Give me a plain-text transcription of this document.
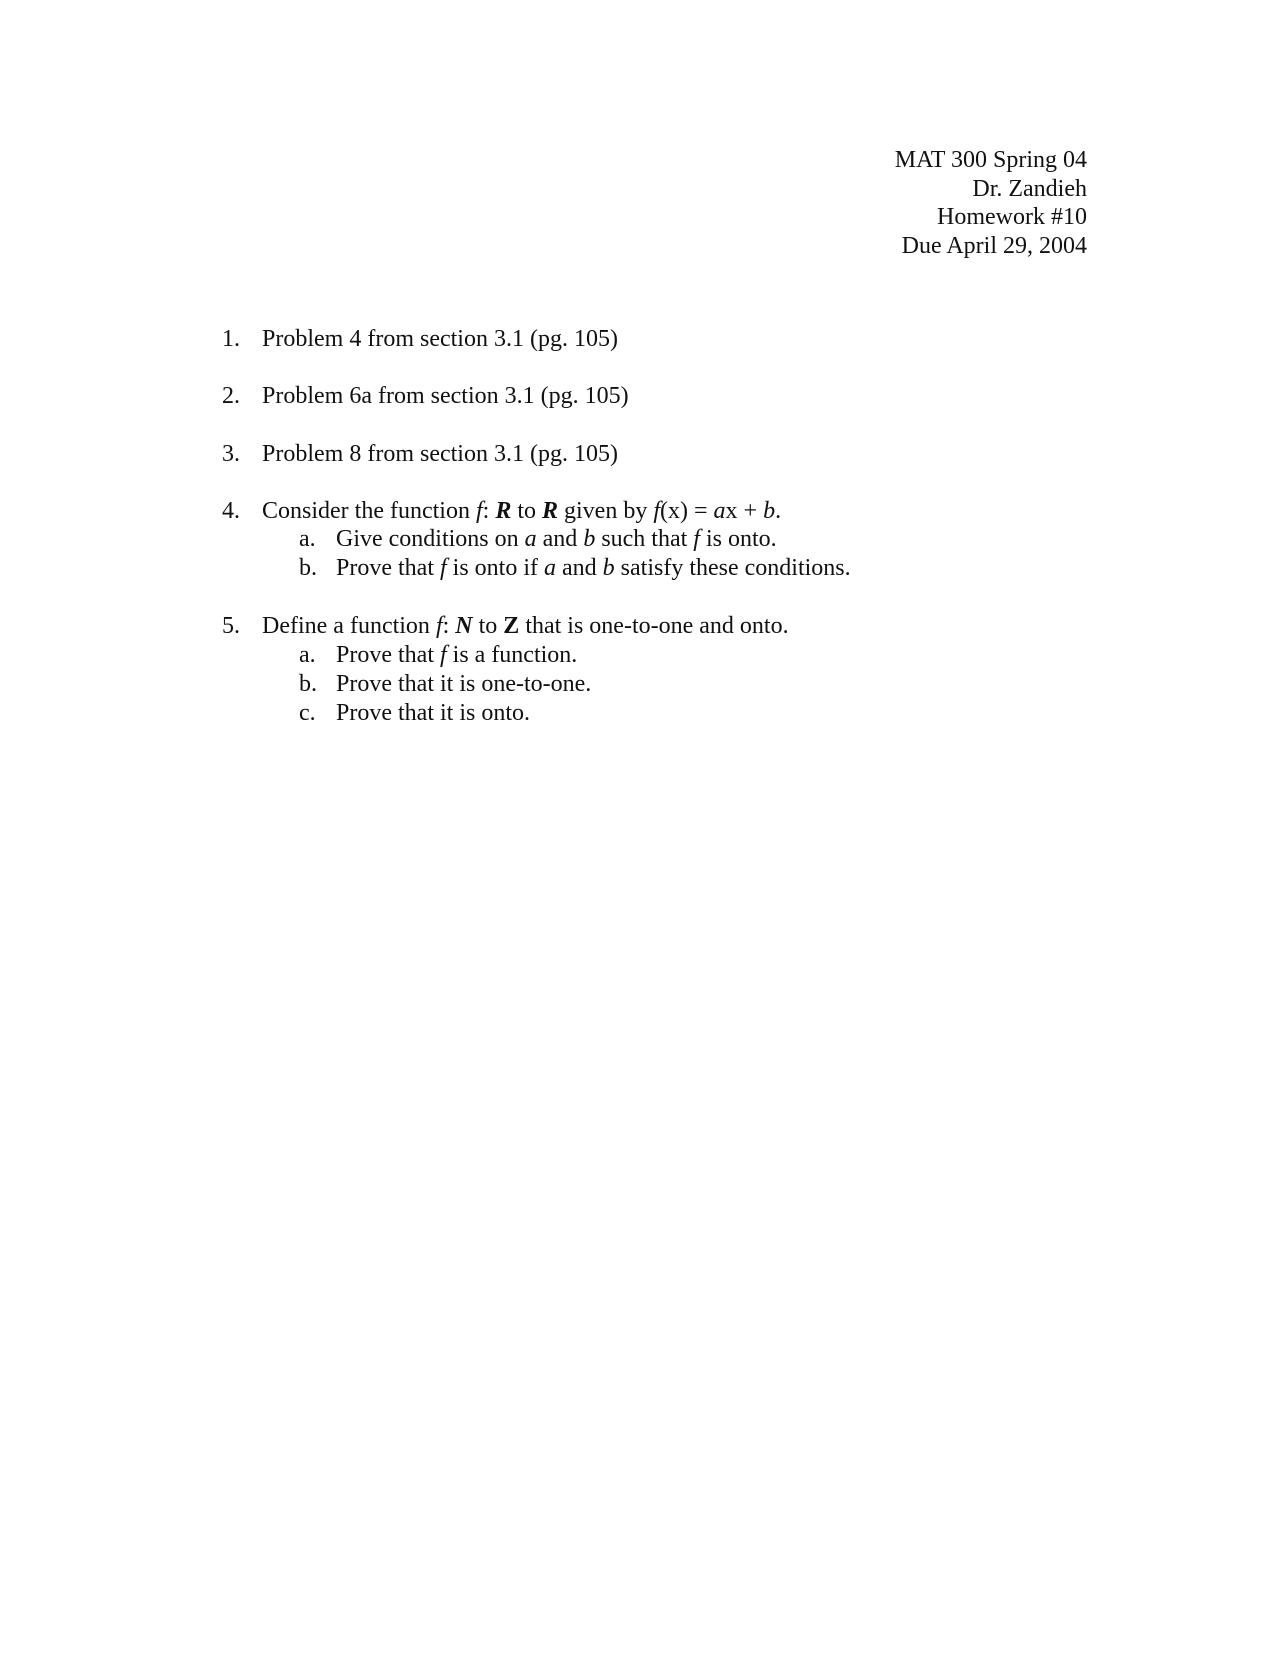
MAT 300 Spring 04
Dr. Zandieh
Homework #10
Due April 29, 2004
1. Problem 4 from section 3.1 (pg. 105)
2. Problem 6a from section 3.1 (pg. 105)
3. Problem 8 from section 3.1 (pg. 105)
4. Consider the function f: R to R given by f(x) = ax + b.
a. Give conditions on a and b such that f is onto.
b. Prove that f is onto if a and b satisfy these conditions.
5. Define a function f: N to Z that is one-to-one and onto.
a. Prove that f is a function.
b. Prove that it is one-to-one.
c. Prove that it is onto.
